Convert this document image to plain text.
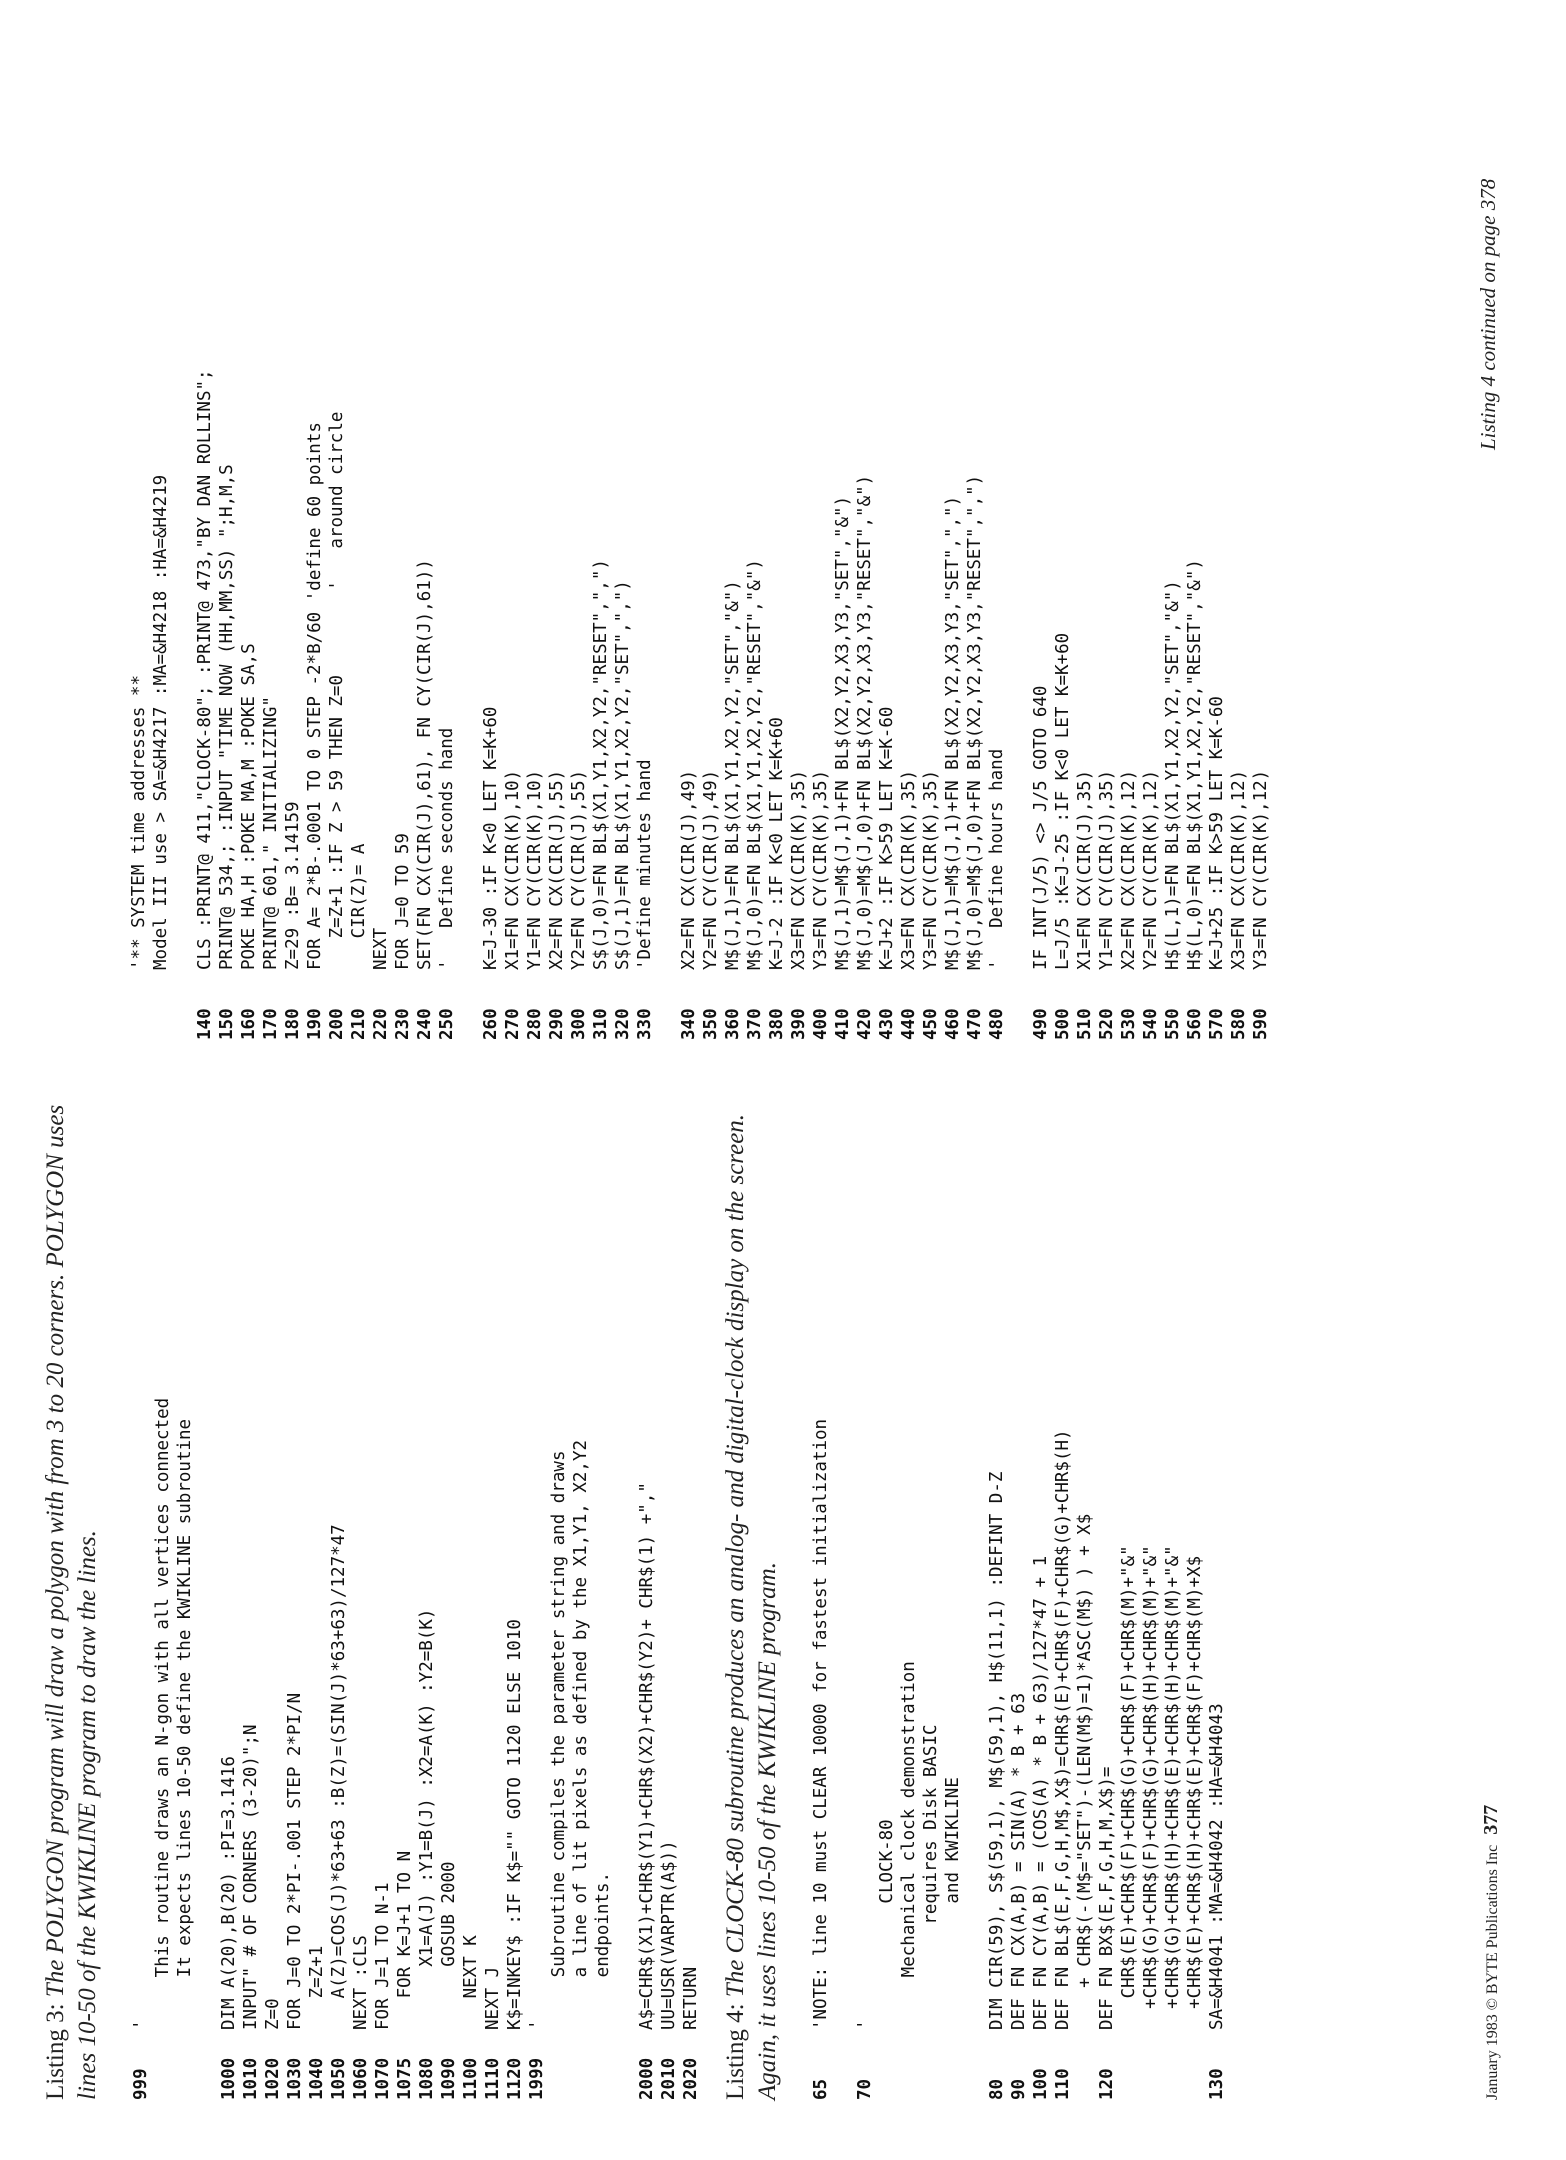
Listing 3: The POLYGON program will draw a polygon with from 3 to 20 corners. POLYGON uses lines 10-50 of the KWIKLINE program to draw the lines. 999' This routine draws an N-gon with all vertices connected It expects lines 10-50 define the KWIKLINE subroutine
1000DIM A(20),B(20) :PI=3.1416
1010INPUT" # OF CORNERS (3-20)";N
1020Z=0
1030FOR J=0 TO 2*PI-.001 STEP 2*PI/N
1040   Z=Z+1
1050   A(Z)=COS(J)*63+63 :B(Z)=(SIN(J)*63+63)/127*47
1060NEXT :CLS
1070FOR J=1 TO N-1
1075   FOR K=J+1 TO N
1080      X1=A(J) :Y1=B(J) :X2=A(K) :Y2=B(K)
1090      GOSUB 2000
1100   NEXT K
1110NEXT J
1120K$=INKEY$ :IF K$="" GOTO 1120 ELSE 1010
1999' Subroutine compiles the parameter string and draws a line of lit pixels as defined by the X1,Y1, X2,Y2 endpoints.
2000A$=CHR$(X1)+CHR$(Y1)+CHR$(X2)+CHR$(Y2)+ CHR$(1) +","
2010UU=USR(VARPTR(A$))
2020RETURN
Listing 4: The CLOCK-80 subroutine produces an analog- and digital-clock display on the screen. Again, it uses lines 10-50 of the KWIKLINE program. 65'NOTE: line 10 must CLEAR 10000 for fastest initialization
70' CLOCK-80 Mechanical clock demonstration requires Disk BASIC and KWIKLINE
80DIM CIR(59), S$(59,1), M$(59,1), H$(11,1) :DEFINT D-Z
90DEF FN CX(A,B) = SIN(A) * B + 63
100DEF FN CY(A,B) = (COS(A) * B + 63)/127*47 + 1
110DEF FN BL$(E,F,G,H,M$,X$)=CHR$(E)+CHR$(F)+CHR$(G)+CHR$(H) + CHR$(-(M$="SET")-(LEN(M$)=1)*ASC(M$) ) + X$
120DEF FN BX$(E,F,G,H,M,X$)= CHR$(E)+CHR$(F)+CHR$(G)+CHR$(F)+CHR$(M)+"&" +CHR$(G)+CHR$(F)+CHR$(G)+CHR$(H)+CHR$(M)+"&" +CHR$(G)+CHR$(H)+CHR$(E)+CHR$(H)+CHR$(M)+"&" +CHR$(E)+CHR$(H)+CHR$(E)+CHR$(F)+CHR$(M)+X$
130SA=&H4041 :MA=&H4042 :HA=&H4043
'** SYSTEM time addresses ** Model III use > SA=&H4217 :MA=&H4218 :HA=&H4219
140CLS :PRINT@ 411,"CLOCK-80"; :PRINT@ 473,"BY DAN ROLLINS";
150PRINT@ 534,; :INPUT "TIME NOW (HH,MM,SS) ";H,M,S
160POKE HA,H :POKE MA,M :POKE SA,S
170PRINT@ 601," INITIALIZING"
180Z=29 :B= 3.14159
190FOR A= 2*B-.0001 TO 0 STEP -2*B/60 'define 60 points
200   Z=Z+1 :IF Z > 59 THEN Z=0        '   around circle
210   CIR(Z)= A
220NEXT
230FOR J=0 TO 59
240SET(FN CX(CIR(J),61), FN CY(CIR(J),61))
250'   Define seconds hand
260K=J-30 :IF K<0 LET K=K+60
270X1=FN CX(CIR(K),10)
280Y1=FN CY(CIR(K),10)
290X2=FN CX(CIR(J),55)
300Y2=FN CY(CIR(J),55)
310S$(J,0)=FN BL$(X1,Y1,X2,Y2,"RESET",",")
320S$(J,1)=FN BL$(X1,Y1,X2,Y2,"SET",",")
330'Define minutes hand
340X2=FN CX(CIR(J),49)
350Y2=FN CY(CIR(J),49)
360M$(J,1)=FN BL$(X1,Y1,X2,Y2,"SET","&")
370M$(J,0)=FN BL$(X1,Y1,X2,Y2,"RESET","&")
380K=J-2 :IF K<0 LET K=K+60
390X3=FN CX(CIR(K),35)
400Y3=FN CY(CIR(K),35)
410M$(J,1)=M$(J,1)+FN BL$(X2,Y2,X3,Y3,"SET","&")
420M$(J,0)=M$(J,0)+FN BL$(X2,Y2,X3,Y3,"RESET","&")
430K=J+2 :IF K>59 LET K=K-60
440X3=FN CX(CIR(K),35)
450Y3=FN CY(CIR(K),35)
460M$(J,1)=M$(J,1)+FN BL$(X2,Y2,X3,Y3,"SET",",")
470M$(J,0)=M$(J,0)+FN BL$(X2,Y2,X3,Y3,"RESET",",")
480'   Define hours hand
490IF INT(J/5) <> J/5 GOTO 640
500L=J/5 :K=J-25 :IF K<0 LET K=K+60
510X1=FN CX(CIR(J),35)
520Y1=FN CY(CIR(J),35)
530X2=FN CX(CIR(K),12)
540Y2=FN CY(CIR(K),12)
550H$(L,1)=FN BL$(X1,Y1,X2,Y2,"SET","&")
560H$(L,0)=FN BL$(X1,Y1,X2,Y2,"RESET","&")
570K=J+25 :IF K>59 LET K=K-60
580X3=FN CX(CIR(K),12)
590Y3=FN CY(CIR(K),12)
January 1983 © BYTE Publications Inc377
Listing 4 continued on page 378
